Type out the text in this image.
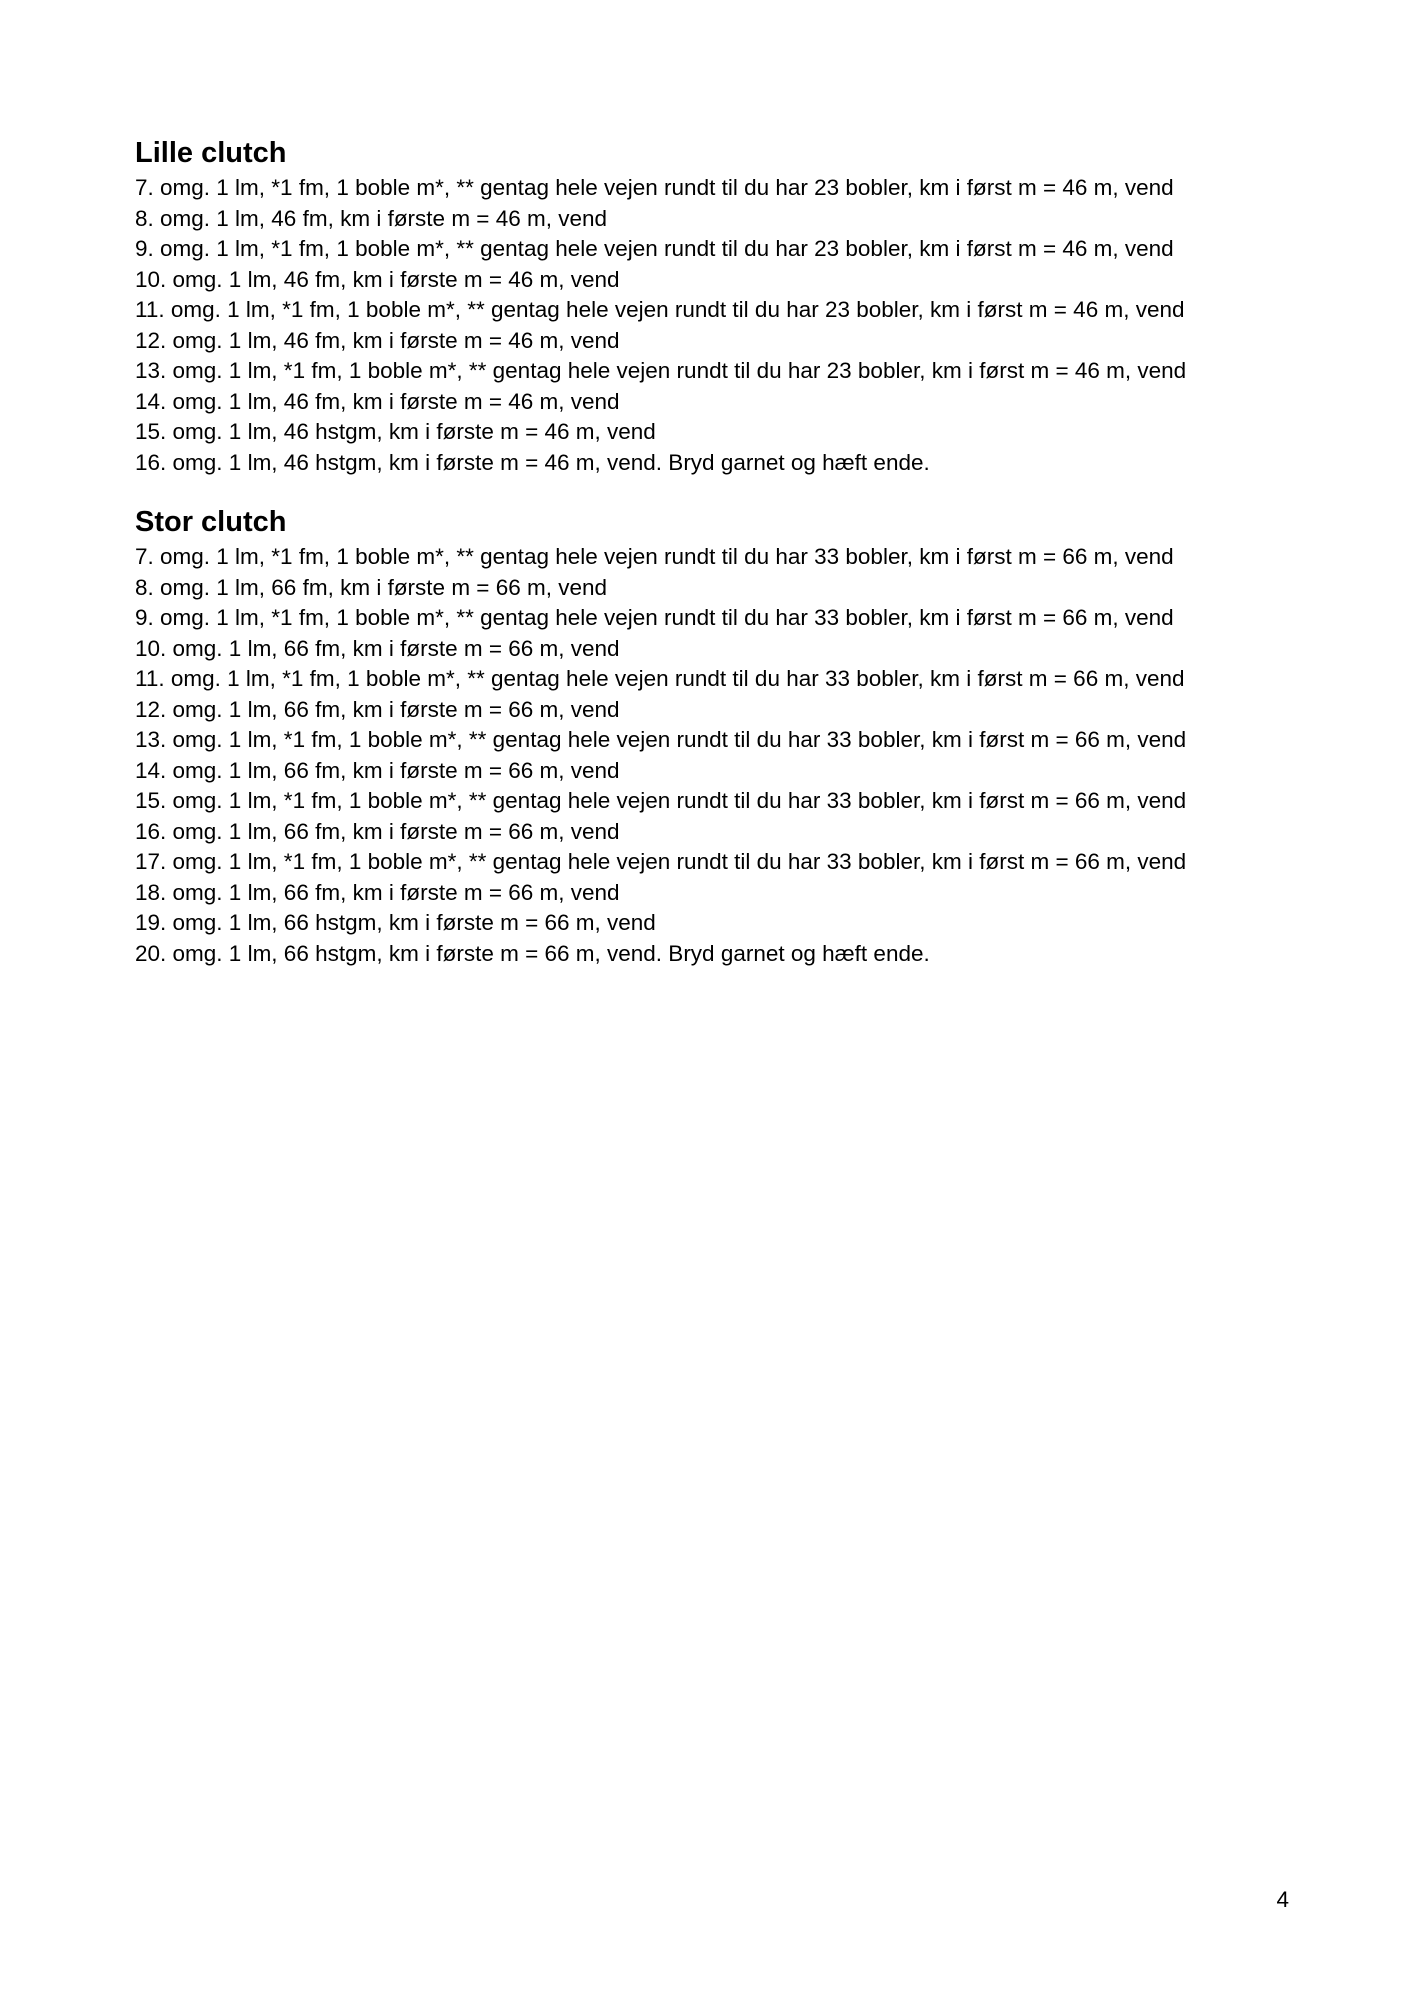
Lille clutch
7. omg. 1 lm, *1 fm, 1 boble m*, ** gentag hele vejen rundt til du har 23 bobler, km i først m = 46 m, vend
8. omg. 1 lm, 46 fm, km i første m = 46 m, vend
9. omg. 1 lm, *1 fm, 1 boble m*, ** gentag hele vejen rundt til du har 23 bobler, km i først m = 46 m, vend
10. omg. 1 lm, 46 fm, km i første m = 46 m, vend
11. omg. 1 lm, *1 fm, 1 boble m*, ** gentag hele vejen rundt til du har 23 bobler, km i først m = 46 m, vend
12. omg. 1 lm, 46 fm, km i første m = 46 m, vend
13. omg. 1 lm, *1 fm, 1 boble m*, ** gentag hele vejen rundt til du har 23 bobler, km i først m = 46 m, vend
14. omg. 1 lm, 46 fm, km i første m = 46 m, vend
15. omg. 1 lm, 46 hstgm, km i første m = 46 m, vend
16. omg. 1 lm, 46 hstgm, km i første m = 46 m, vend. Bryd garnet og hæft ende.
Stor clutch
7. omg. 1 lm, *1 fm, 1 boble m*, ** gentag hele vejen rundt til du har 33 bobler, km i først m = 66 m, vend
8. omg. 1 lm, 66 fm, km i første m = 66 m, vend
9. omg. 1 lm, *1 fm, 1 boble m*, ** gentag hele vejen rundt til du har 33 bobler, km i først m = 66 m, vend
10. omg. 1 lm, 66 fm, km i første m = 66 m, vend
11. omg. 1 lm, *1 fm, 1 boble m*, ** gentag hele vejen rundt til du har 33 bobler, km i først m = 66 m, vend
12. omg. 1 lm, 66 fm, km i første m = 66 m, vend
13. omg. 1 lm, *1 fm, 1 boble m*, ** gentag hele vejen rundt til du har 33 bobler, km i først m = 66 m, vend
14. omg. 1 lm, 66 fm, km i første m = 66 m, vend
15. omg. 1 lm, *1 fm, 1 boble m*, ** gentag hele vejen rundt til du har 33 bobler, km i først m = 66 m, vend
16. omg. 1 lm, 66 fm, km i første m = 66 m, vend
17. omg. 1 lm, *1 fm, 1 boble m*, ** gentag hele vejen rundt til du har 33 bobler, km i først m = 66 m, vend
18. omg. 1 lm, 66 fm, km i første m = 66 m, vend
19. omg. 1 lm, 66 hstgm, km i første m = 66 m, vend
20. omg. 1 lm, 66 hstgm, km i første m = 66 m, vend. Bryd garnet og hæft ende.
4
